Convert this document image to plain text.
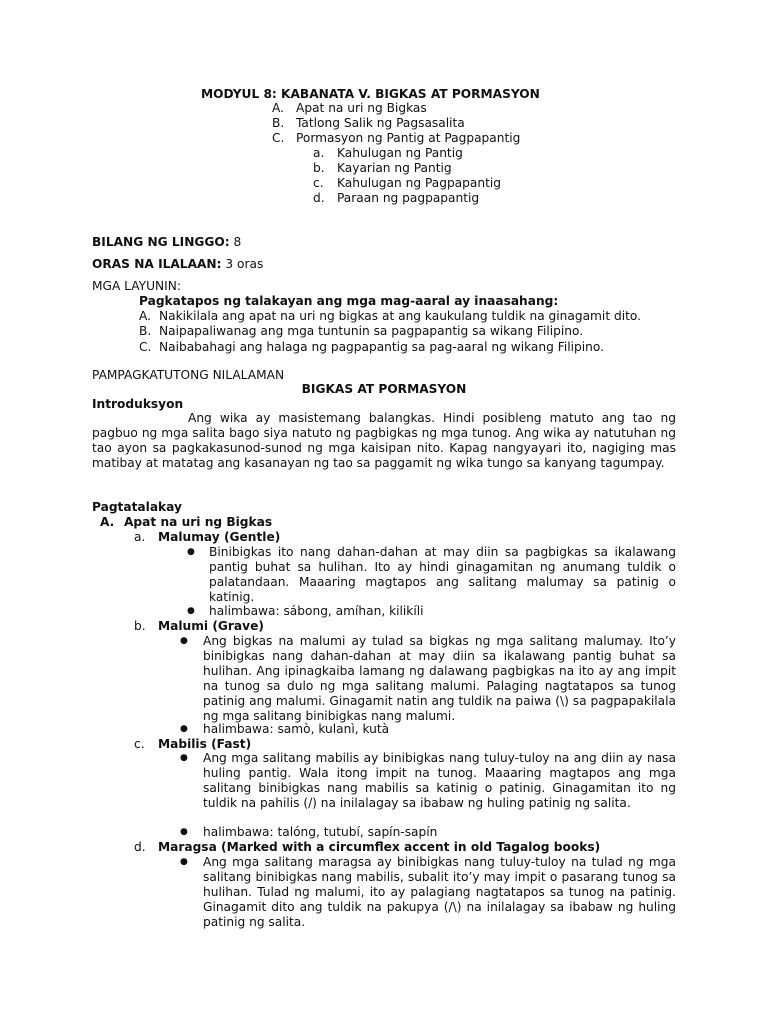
MODYUL 8: KABANATA V. BIGKAS AT PORMASYON
A. Apat na uri ng Bigkas
B. Tatlong Salik ng Pagsasalita
C. Pormasyon ng Pantig at Pagpapantig
a. Kahulugan ng Pantig
b. Kayarian ng Pantig
c. Kahulugan ng Pagpapantig
d. Paraan ng pagpapantig
BILANG NG LINGGO: 8
ORAS NA ILALAAN: 3 oras
MGA LAYUNIN:
Pagkatapos ng talakayan ang mga mag-aaral ay inaasahang:
A. Nakikilala ang apat na uri ng bigkas at ang kaukulang tuldik na ginagamit dito.
B. Naipapaliwanag ang mga tuntunin sa pagpapantig sa wikang Filipino.
C. Naibabahagi ang halaga ng pagpapantig sa pag-aaral ng wikang Filipino.
PAMPAGKATUTONG NILALAMAN
BIGKAS AT PORMASYON
Introduksyon
Ang wika ay masistemang balangkas. Hindi posibleng matuto ang tao ng pagbuo ng mga salita bago siya natuto ng pagbigkas ng mga tunog. Ang wika ay natutuhan ng tao ayon sa pagkakasunod-sunod ng mga kaisipan nito. Kapag nangyayari ito, nagiging mas matibay at matatag ang kasanayan ng tao sa paggamit ng wika tungo sa kanyang tagumpay.
Pagtatalakay
A. Apat na uri ng Bigkas
a. Malumay (Gentle)
● Binibigkas ito nang dahan-dahan at may diin sa pagbigkas sa ikalawang pantig buhat sa hulihan. Ito ay hindi ginagamitan ng anumang tuldik o palatandaan. Maaaring magtapos ang salitang malumay sa patinig o katinig.
● halimbawa: sábong, amíhan, kilikíli
b. Malumi (Grave)
● Ang bigkas na malumi ay tulad sa bigkas ng mga salitang malumay. Ito’y binibigkas nang dahan-dahan at may diin sa ikalawang pantig buhat sa hulihan. Ang ipinagkaiba lamang ng dalawang pagbigkas na ito ay ang impit na tunog sa dulo ng mga salitang malumi. Palaging nagtatapos sa tunog patinig ang malumi. Ginagamit natin ang tuldik na paiwa (\) sa pagpapakilala ng mga salitang binibigkas nang malumi.
● halimbawa: samò, kulanì, kutà
c. Mabilis (Fast)
● Ang mga salitang mabilis ay binibigkas nang tuluy-tuloy na ang diin ay nasa huling pantig. Wala itong impit na tunog. Maaaring magtapos ang mga salitang binibigkas nang mabilis sa katinig o patinig. Ginagamitan ito ng tuldik na pahilis (/) na inilalagay sa ibabaw ng huling patinig ng salita.
● halimbawa: talóng, tutubí, sapín-sapín
d. Maragsa (Marked with a circumflex accent in old Tagalog books)
● Ang mga salitang maragsa ay binibigkas nang tuluy-tuloy na tulad ng mga salitang binibigkas nang mabilis, subalit ito’y may impit o pasarang tunog sa hulihan. Tulad ng malumi, ito ay palagiang nagtatapos sa tunog na patinig. Ginagamit dito ang tuldik na pakupya (/\) na inilalagay sa ibabaw ng huling patinig ng salita.
